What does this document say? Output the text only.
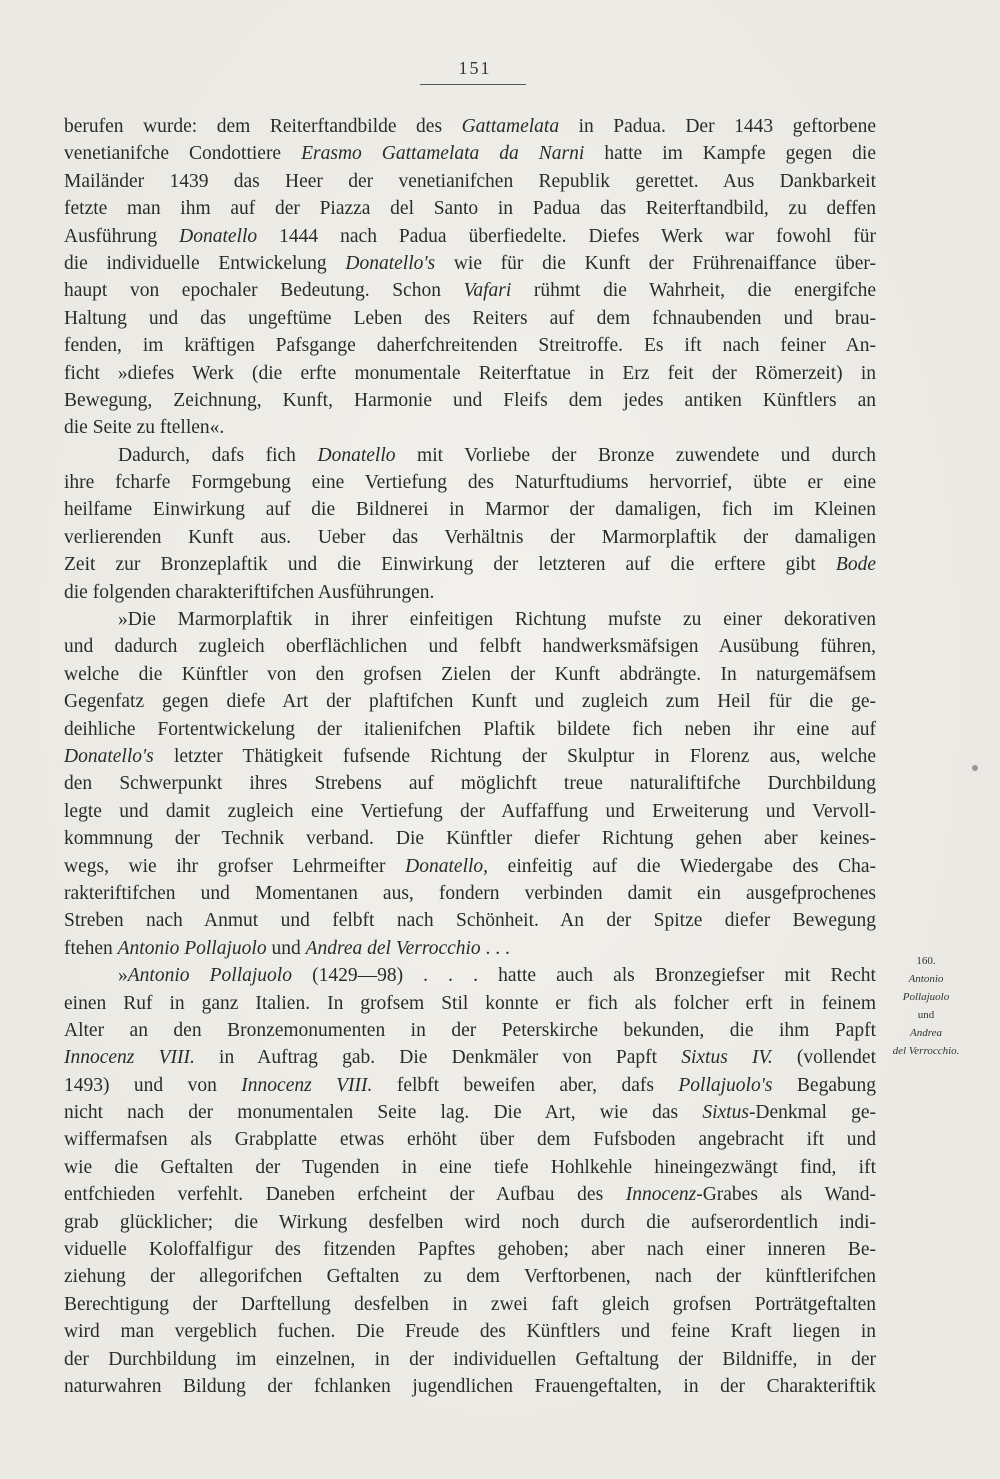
151
berufen wurde: dem Reiterftandbilde des Gattamelata in Padua. Der 1443 geftorbene
venetianifche Condottiere Erasmo Gattamelata da Narni hatte im Kampfe gegen die
Mailänder 1439 das Heer der venetianifchen Republik gerettet. Aus Dankbarkeit
fetzte man ihm auf der Piazza del Santo in Padua das Reiterftandbild, zu deffen
Ausführung Donatello 1444 nach Padua überfiedelte. Diefes Werk war fowohl für
die individuelle Entwickelung Donatello's wie für die Kunft der Frührenaiffance über-
haupt von epochaler Bedeutung. Schon Vafari rühmt die Wahrheit, die energifche
Haltung und das ungeftüme Leben des Reiters auf dem fchnaubenden und brau-
fenden, im kräftigen Pafsgange daherfchreitenden Streitroffe. Es ift nach feiner An-
ficht »diefes Werk (die erfte monumentale Reiterftatue in Erz feit der Römerzeit) in
Bewegung, Zeichnung, Kunft, Harmonie und Fleifs dem jedes antiken Künftlers an
die Seite zu ftellen«.
Dadurch, dafs fich Donatello mit Vorliebe der Bronze zuwendete und durch
ihre fcharfe Formgebung eine Vertiefung des Naturftudiums hervorrief, übte er eine
heilfame Einwirkung auf die Bildnerei in Marmor der damaligen, fich im Kleinen
verlierenden Kunft aus. Ueber das Verhältnis der Marmorplaftik der damaligen
Zeit zur Bronzeplaftik und die Einwirkung der letzteren auf die erftere gibt Bode
die folgenden charakteriftifchen Ausführungen.
»Die Marmorplaftik in ihrer einfeitigen Richtung mufste zu einer dekorativen
und dadurch zugleich oberflächlichen und felbft handwerksmäfsigen Ausübung führen,
welche die Künftler von den grofsen Zielen der Kunft abdrängte. In naturgemäfsem
Gegenfatz gegen diefe Art der plaftifchen Kunft und zugleich zum Heil für die ge-
deihliche Fortentwickelung der italienifchen Plaftik bildete fich neben ihr eine auf
Donatello's letzter Thätigkeit fufsende Richtung der Skulptur in Florenz aus, welche
den Schwerpunkt ihres Strebens auf möglichft treue naturaliftifche Durchbildung
legte und damit zugleich eine Vertiefung der Auffaffung und Erweiterung und Vervoll-
kommnung der Technik verband. Die Künftler diefer Richtung gehen aber keines-
wegs, wie ihr grofser Lehrmeifter Donatello, einfeitig auf die Wiedergabe des Cha-
rakteriftifchen und Momentanen aus, fondern verbinden damit ein ausgefprochenes
Streben nach Anmut und felbft nach Schönheit. An der Spitze diefer Bewegung
ftehen Antonio Pollajuolo und Andrea del Verrocchio . . .
»Antonio Pollajuolo (1429—98) . . . hatte auch als Bronzegiefser mit Recht
einen Ruf in ganz Italien. In grofsem Stil konnte er fich als folcher erft in feinem
Alter an den Bronzemonumenten in der Peterskirche bekunden, die ihm Papft
Innocenz VIII. in Auftrag gab. Die Denkmäler von Papft Sixtus IV. (vollendet
1493) und von Innocenz VIII. felbft beweifen aber, dafs Pollajuolo's Begabung
nicht nach der monumentalen Seite lag. Die Art, wie das Sixtus-Denkmal ge-
wiffermafsen als Grabplatte etwas erhöht über dem Fufsboden angebracht ift und
wie die Geftalten der Tugenden in eine tiefe Hohlkehle hineingezwängt find, ift
entfchieden verfehlt. Daneben erfcheint der Aufbau des Innocenz-Grabes als Wand-
grab glücklicher; die Wirkung desfelben wird noch durch die aufserordentlich indi-
viduelle Koloffalfigur des fitzenden Papftes gehoben; aber nach einer inneren Be-
ziehung der allegorifchen Geftalten zu dem Verftorbenen, nach der künftlerifchen
Berechtigung der Darftellung desfelben in zwei faft gleich grofsen Porträtgeftalten
wird man vergeblich fuchen. Die Freude des Künftlers und feine Kraft liegen in
der Durchbildung im einzelnen, in der individuellen Geftaltung der Bildniffe, in der
naturwahren Bildung der fchlanken jugendlichen Frauengeftalten, in der Charakteriftik
160.
Antonio
Pollajuolo
und
Andrea
del Verrocchio.
